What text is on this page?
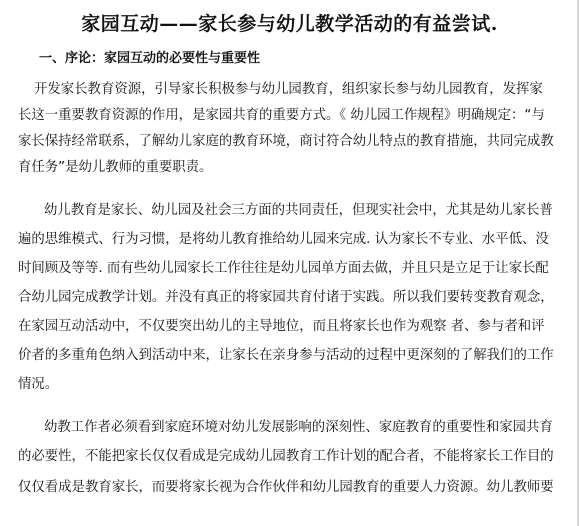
家园互动——家长参与幼儿教学活动的有益尝试.
一、序论：家园互动的必要性与重要性
开发家长教育资源，引导家长积极参与幼儿园教育，组织家长参与幼儿园教育，发挥家
长这一重要教育资源的作用，是家园共育的重要方式。《 幼儿园工作规程》明确规定：“与
家长保持经常联系，了解幼儿家庭的教育环境，商讨符合幼儿特点的教育措施，共同完成教
育任务”是幼儿教师的重要职责。
幼儿教育是家长、幼儿园及社会三方面的共同责任，但现实社会中，尤其是幼儿家长普
遍的思维模式、行为习惯，是将幼儿教育推给幼儿园来完成. 认为家长不专业、水平低、没
时间顾及等等. 而有些幼儿园家长工作往往是幼儿园单方面去做，并且只是立足于让家长配
合幼儿园完成教学计划。并没有真正的将家园共育付诸于实践。所以我们要转变教育观念，
在家园互动活动中，不仅要突出幼儿的主导地位，而且将家长也作为观察 者、参与者和评
价者的多重角色纳入到活动中来，让家长在亲身参与活动的过程中更深刻的了解我们的工作
情况。
幼教工作者必须看到家庭环境对幼儿发展影响的深刻性、家庭教育的重要性和家园共育
的必要性，不能把家长仅仅看成是完成幼儿园教育工作计划的配合者，不能将家长工作目的
仅仅看成是教育家长，而要将家长视为合作伙伴和幼儿园教育的重要人力资源。幼儿教师要
